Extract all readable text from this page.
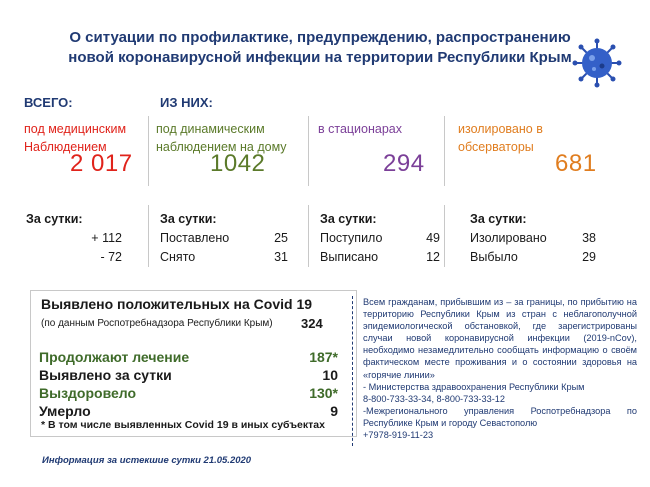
О ситуации по профилактике, предупреждению, распространению
новой коронавирусной инфекции на территории Республики Крым
ВСЕГО:	ИЗ НИХ:
под медицинским
Наблюдением
2 017
под динамическим
наблюдением на дому
1042
в стационарах
294
изолировано в
обсерваторы
681
За сутки:
+ 112
- 72
За сутки:
Поставлено	25
Снято	31
За сутки:
Поступило	49
Выписано	12
За сутки:
Изолировано	38
Выбыло	29
Выявлено положительных на Covid 19
(по данным Роспотребнадзора Республики Крым) 324
Продолжают лечение	187*
Выявлено за сутки	10
Выздоровело	130*
Умерло	9
* В том числе выявленных Covid 19 в иных субъектах
Всем гражданам, прибывшим из – за границы, по прибытию на территорию Республики Крым из стран с неблагополучной эпидемиологической обстановкой, где зарегистрированы случаи новой коронавирусной инфекции (2019-nCov), необходимо незамедлительно сообщать информацию о своём фактическом месте проживания и о состоянии здоровья на «горячие линии»
- Министерства здравоохранения Республики Крым
8-800-733-33-34, 8-800-733-33-12
-Межрегионального управления Роспотребнадзора по Республике Крым и городу Севастополю
+7978-919-11-23
Информация за истекшие сутки 21.05.2020
